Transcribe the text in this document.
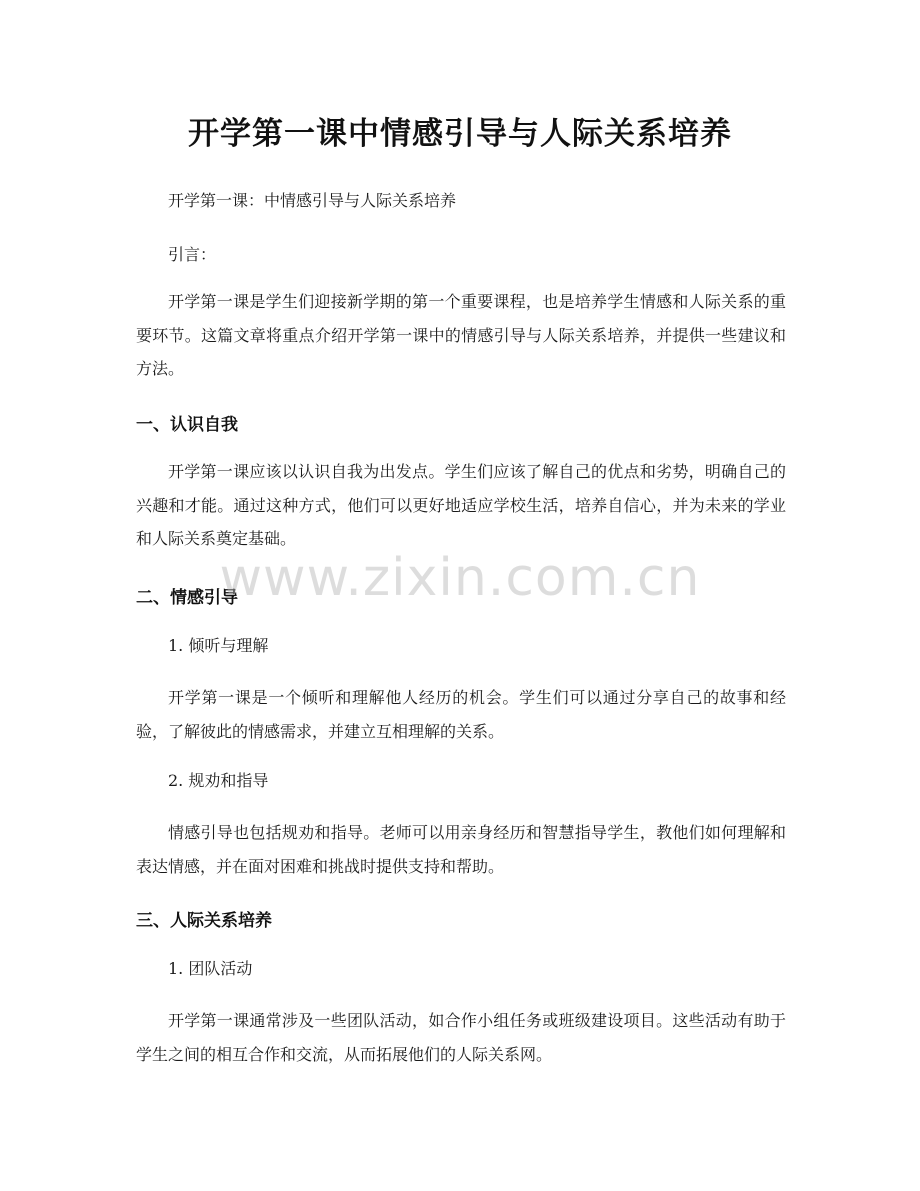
开学第一课中情感引导与人际关系培养

开学第一课：中情感引导与人际关系培养

引言：

开学第一课是学生们迎接新学期的第一个重要课程，也是培养学生情感和人际关系的重要环节。这篇文章将重点介绍开学第一课中的情感引导与人际关系培养，并提供一些建议和方法。

一、认识自我

开学第一课应该以认识自我为出发点。学生们应该了解自己的优点和劣势，明确自己的兴趣和才能。通过这种方式，他们可以更好地适应学校生活，培养自信心，并为未来的学业和人际关系奠定基础。

二、情感引导

1. 倾听与理解

开学第一课是一个倾听和理解他人经历的机会。学生们可以通过分享自己的故事和经验，了解彼此的情感需求，并建立互相理解的关系。

2. 规劝和指导

情感引导也包括规劝和指导。老师可以用亲身经历和智慧指导学生，教他们如何理解和表达情感，并在面对困难和挑战时提供支持和帮助。

三、人际关系培养

1. 团队活动

开学第一课通常涉及一些团队活动，如合作小组任务或班级建设项目。这些活动有助于学生之间的相互合作和交流，从而拓展他们的人际关系网。

www.zixin.com.cn
